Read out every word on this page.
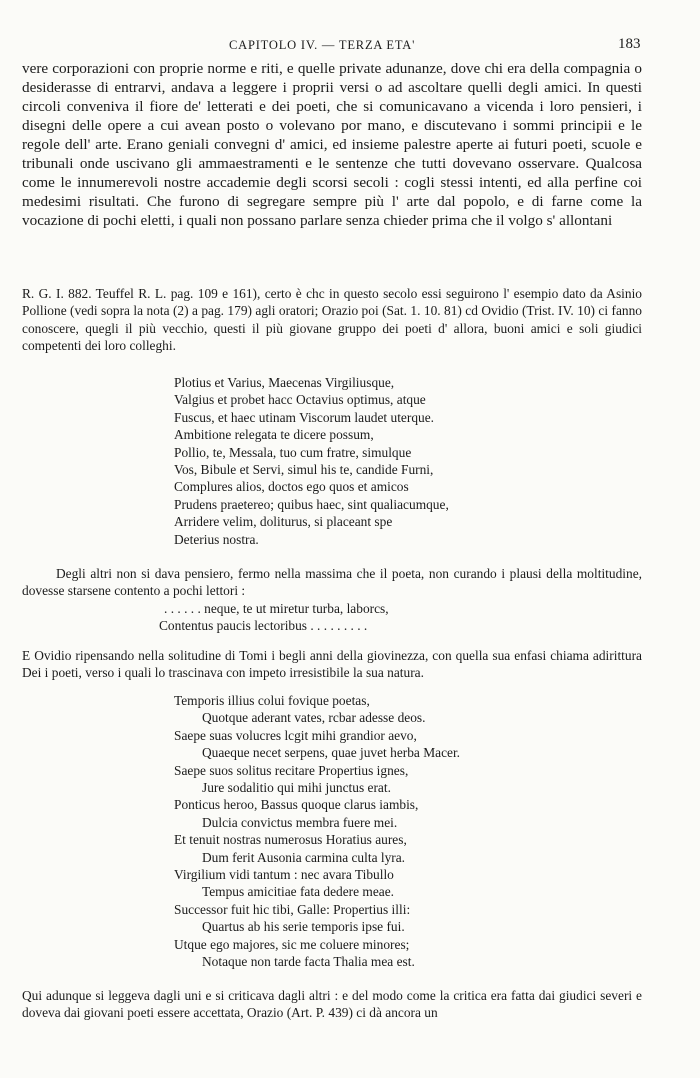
CAPITOLO IV. — TERZA ETA'	183

vere corporazioni con proprie norme e riti, e quelle private adunanze, dove chi era della compagnia o desiderasse di entrarvi, andava a leggere i proprii versi o ad ascoltare quelli degli amici. In questi circoli conveniva il fiore de' letterati e dei poeti, che si comunicavano a vicenda i loro pensieri, i disegni delle opere a cui avean posto o volevano por mano, e discutevano i sommi principii e le regole dell' arte. Erano geniali convegni d' amici, ed insieme palestre aperte ai futuri poeti, scuole e tribunali onde uscivano gli ammaestramenti e le sentenze che tutti dovevano osservare. Qualcosa come le innumerevoli nostre accademie degli scorsi secoli : cogli stessi intenti, ed alla perfine coi medesimi risultati. Che furono di segregare sempre più l' arte dal popolo, e di farne come la vocazione di pochi eletti, i quali non possano parlare senza chieder prima che il volgo s' allontani

R. G. I. 882. Teuffel R. L. pag. 109 e 161), certo è chc in questo secolo essi seguirono l' esempio dato da Asinio Pollione (vedi sopra la nota (2) a pag. 179) agli oratori; Orazio poi (Sat. 1. 10. 81) cd Ovidio (Trist. IV. 10) ci fanno conoscere, quegli il più vecchio, questi il più giovane gruppo dei poeti d' allora, buoni amici e soli giudici competenti dei loro colleghi.

Plotius et Varius, Maecenas Virgiliusque,
Valgius et probet hacc Octavius optimus, atque
Fuscus, et haec utinam Viscorum laudet uterque.
Ambitione relegata te dicere possum,
Pollio, te, Messala, tuo cum fratre, simulque
Vos, Bibule et Servi, simul his te, candide Furni,
Complures alios, doctos ego quos et amicos
Prudens praetereo; quibus haec, sint qualiacumque,
Arridere velim, doliturus, si placeant spe
Deterius nostra.

Degli altri non si dava pensiero, fermo nella massima che il poeta, non curando i plausi della moltitudine, dovesse starsene contento a pochi lettori :

. . . . . . neque, te ut miretur turba, laborcs,
Contentus paucis lectoribus . . . . . . . . .

E Ovidio ripensando nella solitudine di Tomi i begli anni della giovinezza, con quella sua enfasi chiama adirittura Dei i poeti, verso i quali lo trascinava con impeto irresistibile la sua natura.

Temporis illius colui fovique poetas,
Quotque aderant vates, rcbar adesse deos.
Saepe suas volucres lcgit mihi grandior aevo,
Quaeque necet serpens, quae juvet herba Macer.
Saepe suos solitus recitare Propertius ignes,
Jure sodalitio qui mihi junctus erat.
Ponticus heroo, Bassus quoque clarus iambis,
Dulcia convictus membra fuere mei.
Et tenuit nostras numerosus Horatius aures,
Dum ferit Ausonia carmina culta lyra.
Virgilium vidi tantum : nec avara Tibullo
Tempus amicitiae fata dedere meae.
Successor fuit hic tibi, Galle: Propertius illi:
Quartus ab his serie temporis ipse fui.
Utque ego majores, sic me coluere minores;
Notaque non tarde facta Thalia mea est.

Qui adunque si leggeva dagli uni e si criticava dagli altri : e del modo come la critica era fatta dai giudici severi e doveva dai giovani poeti essere accettata, Orazio (Art. P. 439) ci dà ancora un
